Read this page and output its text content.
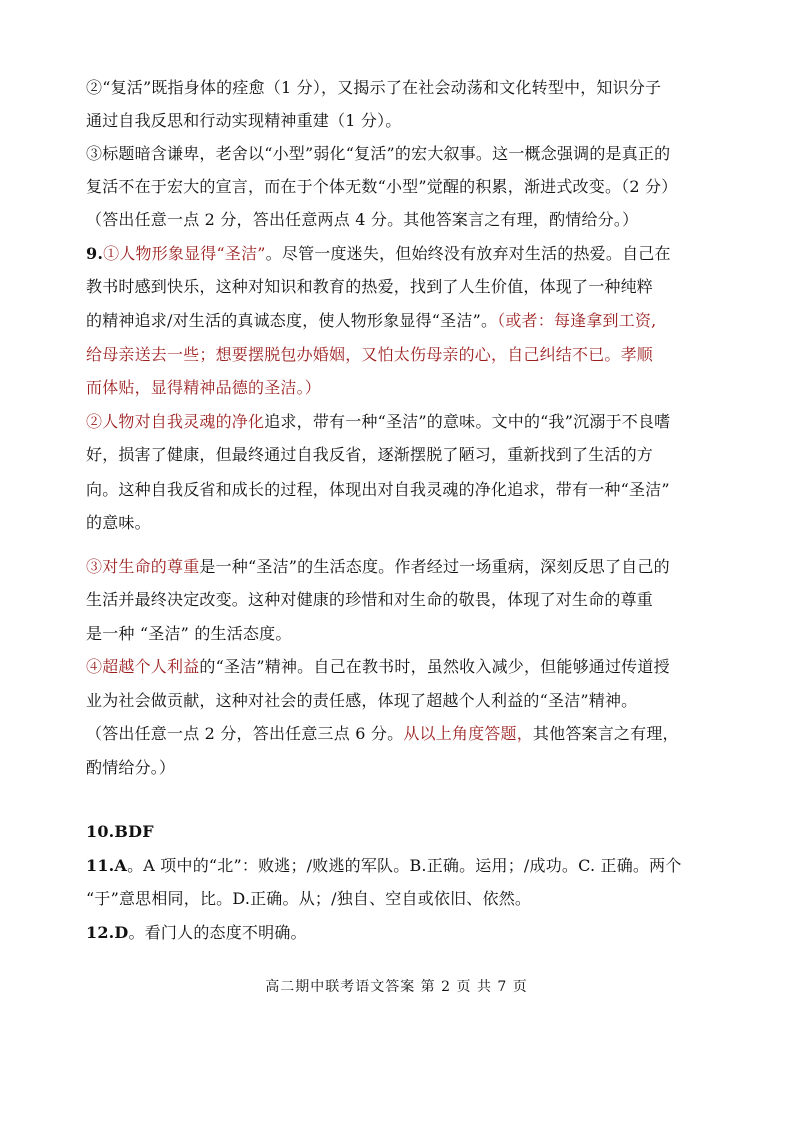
高二期中联考语文答案 第 2 页 共 7 页
②“复活”既指身体的痊愈（1 分），又揭示了在社会动荡和文化转型中，知识分子
通过自我反思和行动实现精神重建（1 分）。
③标题暗含谦卑，老舍以“小型”弱化“复活”的宏大叙事。这一概念强调的是真正的
复活不在于宏大的宣言，而在于个体无数“小型”觉醒的积累，渐进式改变。（2 分）
（答出任意一点 2 分，答出任意两点 4 分。其他答案言之有理，酌情给分。）
9.①人物形象显得“圣洁”。尽管一度迷失，但始终没有放弃对生活的热爱。自己在
教书时感到快乐，这种对知识和教育的热爱，找到了人生价值，体现了一种纯粹
的精神追求/对生活的真诚态度，使人物形象显得“圣洁”。（或者：每逢拿到工资,
给母亲送去一些；想要摆脱包办婚姻，又怕太伤母亲的心，自己纠结不已。孝顺
而体贴，显得精神品德的圣洁。）
②人物对自我灵魂的净化追求，带有一种“圣洁”的意味。文中的“我”沉溺于不良嗜
好，损害了健康，但最终通过自我反省，逐渐摆脱了陋习，重新找到了生活的方
向。这种自我反省和成长的过程，体现出对自我灵魂的净化追求，带有一种“圣洁”
的意味。
③对生命的尊重是一种“圣洁”的生活态度。作者经过一场重病，深刻反思了自己的
生活并最终决定改变。这种对健康的珍惜和对生命的敬畏，体现了对生命的尊重
是一种 “圣洁” 的生活态度。
④超越个人利益的“圣洁”精神。自己在教书时，虽然收入减少，但能够通过传道授
业为社会做贡献，这种对社会的责任感，体现了超越个人利益的“圣洁”精神。
（答出任意一点 2 分，答出任意三点 6 分。从以上角度答题，其他答案言之有理，
酌情给分。）
10.BDF
11.A。A 项中的“北”：败逃；/败逃的军队。B.正确。运用；/成功。C. 正确。两个
“于”意思相同，比。D.正确。从；/独自、空自或依旧、依然。
12.D。看门人的态度不明确。
